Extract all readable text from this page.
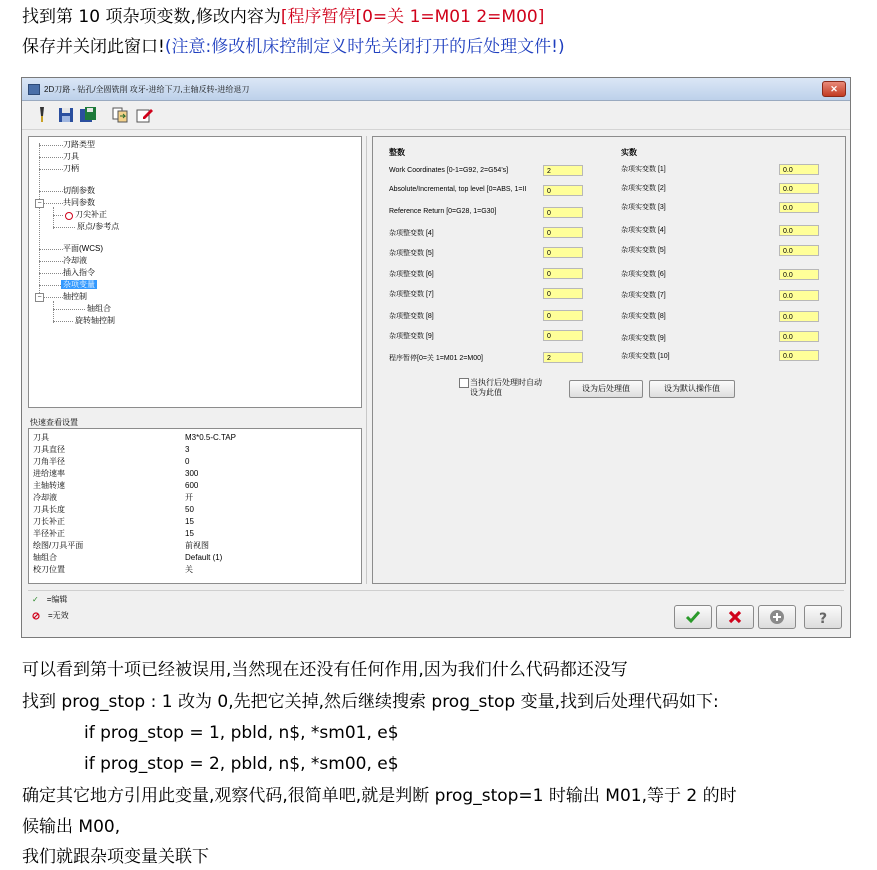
找到第 10 项杂项变数,修改内容为[程序暂停[0=关 1=M01 2=M00]
保存并关闭此窗口!(注意:修改机床控制定义时先关闭打开的后处理文件!)
2D刀路 - 钻孔/全圆铣削 攻牙-进给下刀,主轴反转-进给退刀	✕
刀路类型
刀具
刀柄
切削参数
−	共同参数
刀尖补正
原点/参考点
平面(WCS)
冷却液
插入指令
杂项变量
−	轴控制
轴组合
旋转轴控制
快速查看设置
刀具	M3*0.5-C.TAP
刀具直径	3
刀角半径	0
进给速率	300
主轴转速	600
冷却液	开
刀具长度	50
刀长补正	15
半径补正	15
绘图/刀具平面	前视图
轴组合	Default (1)
校刀位置	关
整数	实数
Work Coordinates [0-1=G92, 2=G54's]	2
Absolute/Incremental, top level [0=ABS, 1=II	0
Reference Return [0=G28, 1=G30]	0
杂项整变数 [4]	0
杂项整变数 [5]	0
杂项整变数 [6]	0
杂项整变数 [7]	0
杂项整变数 [8]	0
杂项整变数 [9]	0
程序暂停[0=关 1=M01 2=M00]	2
杂项实变数 [1]	0.0
杂项实变数 [2]	0.0
杂项实变数 [3]	0.0
杂项实变数 [4]	0.0
杂项实变数 [5]	0.0
杂项实变数 [6]	0.0
杂项实变数 [7]	0.0
杂项实变数 [8]	0.0
杂项实变数 [9]	0.0
杂项实变数 [10]	0.0
当执行后处理时自动
设为此值	设为后处理值	设为默认操作值
✓ =编辑
=无效	?
可以看到第十项已经被误用,当然现在还没有任何作用,因为我们什么代码都还没写
找到 prog_stop : 1 改为 0,先把它关掉,然后继续搜索 prog_stop 变量,找到后处理代码如下:
if prog_stop = 1, pbld, n$, *sm01, e$
if prog_stop = 2, pbld, n$, *sm00, e$
确定其它地方引用此变量,观察代码,很简单吧,就是判断 prog_stop=1 时输出 M01,等于 2 的时
候输出 M00,
我们就跟杂项变量关联下
